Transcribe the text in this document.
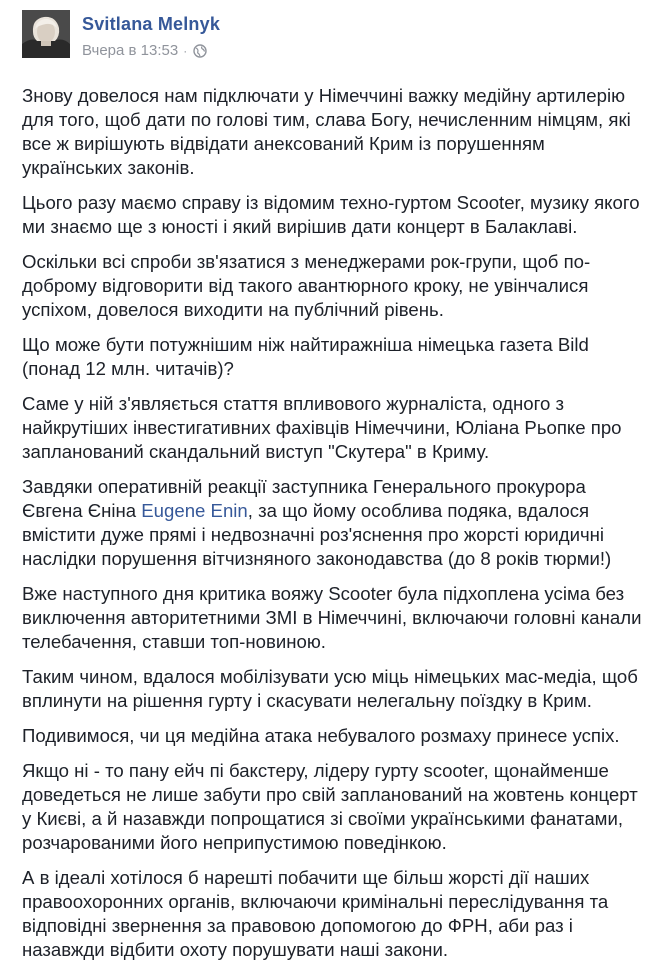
Svitlana Melnyk
Вчера в 13:53 ·

Знову довелося нам підключати у Німеччині важку медійну артилерію для того, щоб дати по голові тим, слава Богу, нечисленним німцям, які все ж вирішують відвідати анексований Крим із порушенням українських законів.

Цього разу маємо справу із відомим техно-гуртом Scooter, музику якого ми знаємо ще з юності і який вирішив дати концерт в Балаклаві.

Оскільки всі спроби зв'язатися з менеджерами рок-групи, щоб по-доброму відговорити від такого авантюрного кроку, не увінчалися успіхом, довелося виходити на публічний рівень.

Що може бути потужнішим ніж найтиражніша німецька газета Bild (понад 12 млн. читачів)?

Саме у ній з'являється стаття впливового журналіста, одного з найкрутіших інвестигативних фахівців Німеччини, Юліана Рьопке про запланований скандальний виступ "Скутера" в Криму.

Завдяки оперативній реакції заступника Генерального прокурора Євгена Єніна Eugene Enin, за що йому особлива подяка, вдалося вмістити дуже прямі і недвозначні роз'яснення про жорсті юридичні наслідки порушення вітчизняного законодавства (до 8 років тюрми!)

Вже наступного дня критика вояжу Scooter була підхоплена усіма без виключення авторитетними ЗМІ в Німеччині, включаючи головні канали телебачення, ставши топ-новиною.

Таким чином, вдалося мобілізувати усю міць німецьких мас-медіа, щоб вплинути на рішення гурту і скасувати нелегальну поїздку в Крим.

Подивимося, чи ця медійна атака небувалого розмаху принесе успіх.

Якщо ні - то пану ейч пі бакстеру, лідеру гурту scooter, щонайменше доведеться не лише забути про свій запланований на жовтень концерт у Києві, а й назавжди попрощатися зі своїми українськими фанатами, розчарованими його неприпустимою поведінкою.

А в ідеалі хотілося б нарешті побачити ще більш жорсті дії наших правоохоронних органів, включаючи кримінальні переслідування та відповідні звернення за правовою допомогою до ФРН, аби раз і назавжди відбити охоту порушувати наші закони.
